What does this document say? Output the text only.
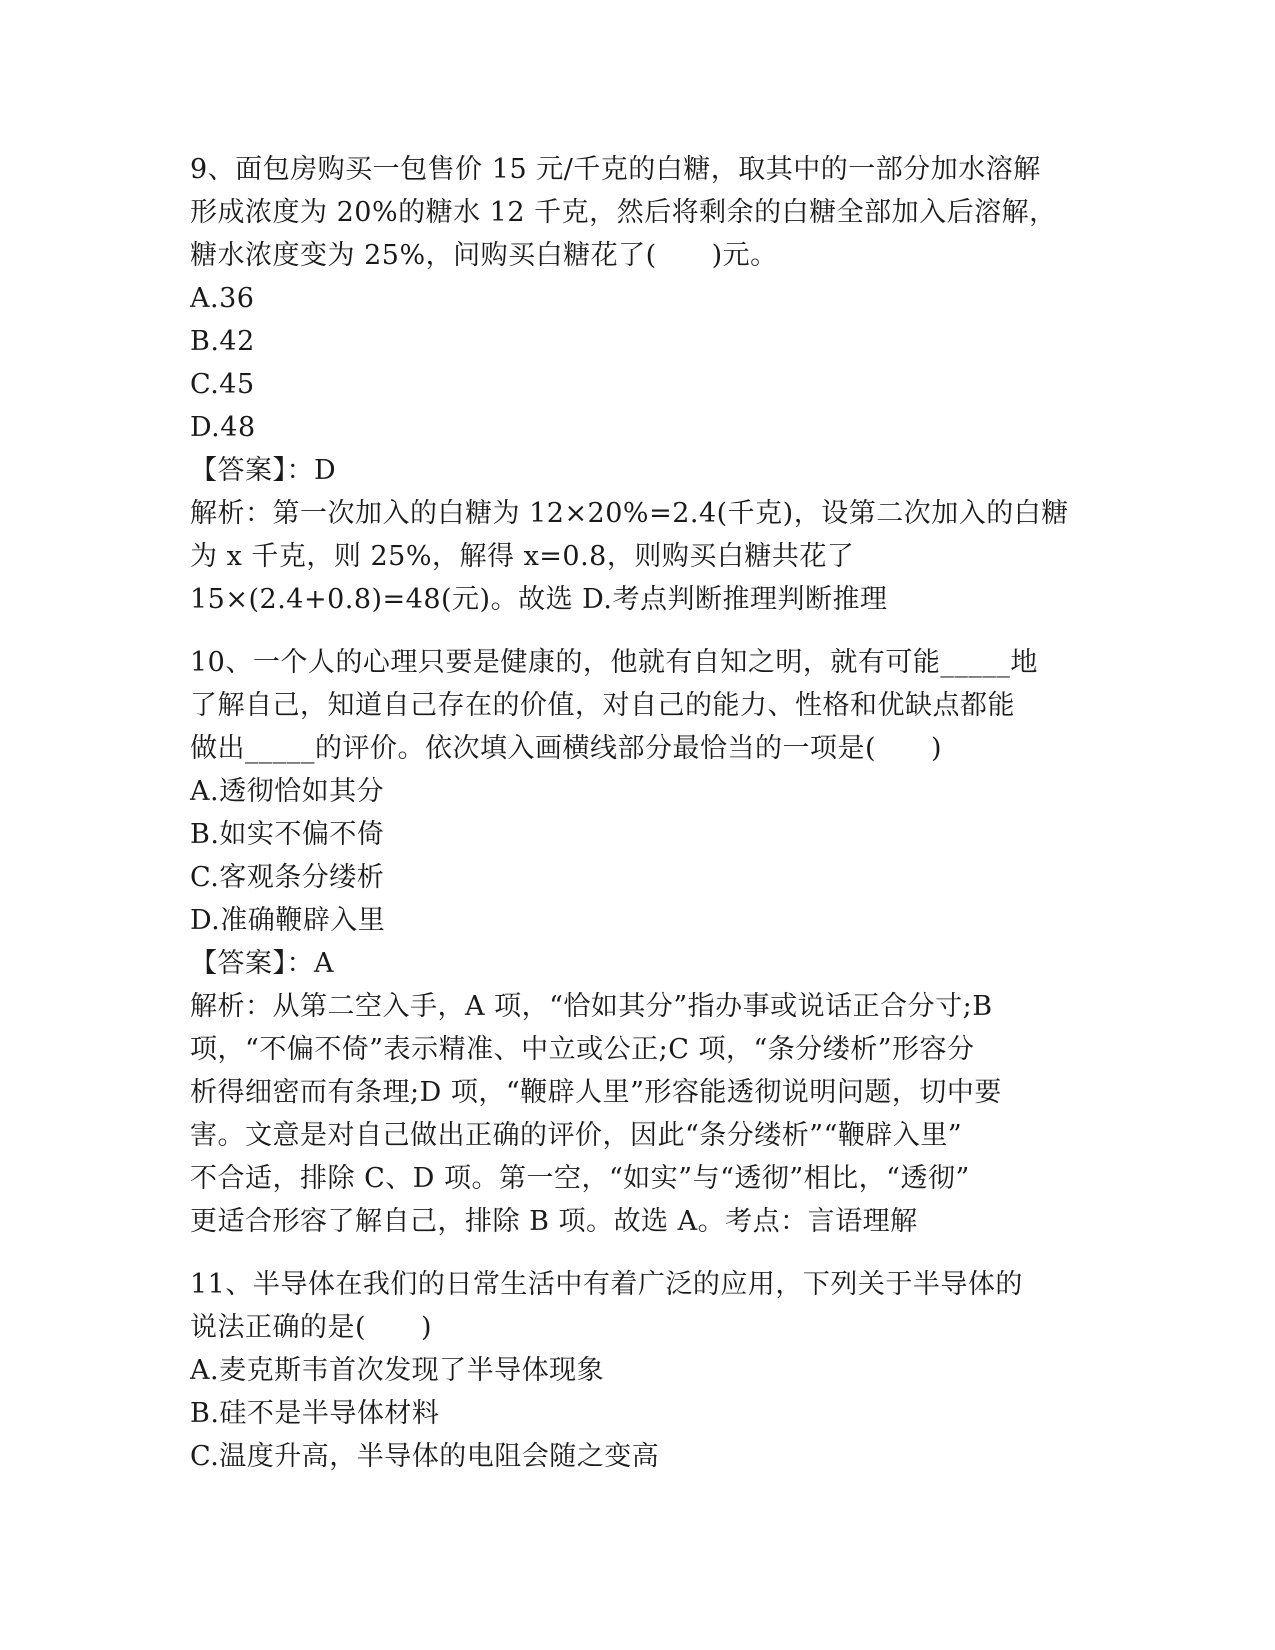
9、面包房购买一包售价 15 元/千克的白糖，取其中的一部分加水溶解
形成浓度为 20%的糖水 12 千克，然后将剩余的白糖全部加入后溶解，
糖水浓度变为 25%，问购买白糖花了(　　)元。
A.36
B.42
C.45
D.48
【答案】：D
解析：第一次加入的白糖为 12×20%=2.4(千克)，设第二次加入的白糖
为 x 千克，则 25%，解得 x=0.8，则购买白糖共花了
15×(2.4+0.8)=48(元)。故选 D.考点判断推理判断推理
10、一个人的心理只要是健康的，他就有自知之明，就有可能_____地
了解自己，知道自己存在的价值，对自己的能力、性格和优缺点都能
做出_____的评价。依次填入画横线部分最恰当的一项是(　　)
A.透彻恰如其分
B.如实不偏不倚
C.客观条分缕析
D.准确鞭辟入里
【答案】：A
解析：从第二空入手，A 项，“恰如其分”指办事或说话正合分寸;B
项，“不偏不倚”表示精准、中立或公正;C 项，“条分缕析”形容分
析得细密而有条理;D 项，“鞭辟人里”形容能透彻说明问题，切中要
害。文意是对自己做出正确的评价，因此“条分缕析”“鞭辟入里”
不合适，排除 C、D 项。第一空，“如实”与“透彻”相比，“透彻”
更适合形容了解自己，排除 B 项。故选 A。考点：言语理解
11、半导体在我们的日常生活中有着广泛的应用，下列关于半导体的
说法正确的是(　　)
A.麦克斯韦首次发现了半导体现象
B.硅不是半导体材料
C.温度升高，半导体的电阻会随之变高
